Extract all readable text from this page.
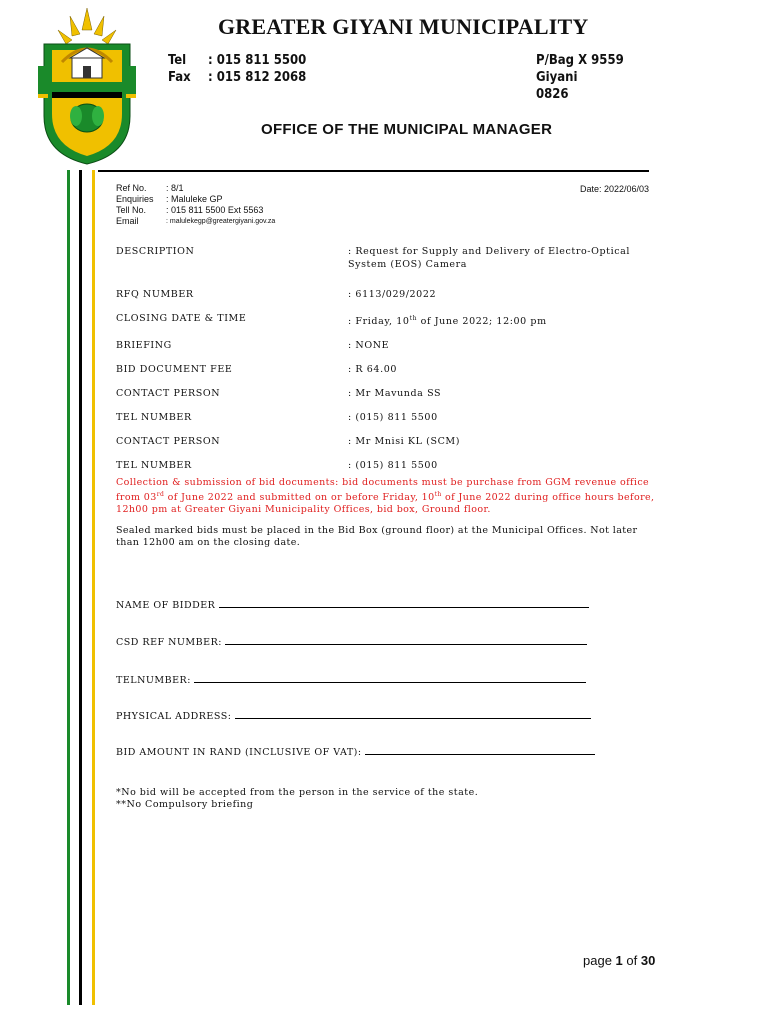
GREATER GIYANI MUNICIPALITY
Tel : 015 811 5500
Fax : 015 812 2068
P/Bag X 9559
Giyani
0826
OFFICE OF THE MUNICIPAL MANAGER
Ref No.	: 8/1
Enquiries	: Maluleke GP
Tell No.	: 015 811 5500 Ext 5563
Email	: malulekegp@greatergiyani.gov.za
Date: 2022/06/03
DESCRIPTION	: Request for Supply and Delivery of Electro-Optical System (EOS) Camera
RFQ NUMBER	: 6113/029/2022
CLOSING DATE & TIME	: Friday, 10th of June 2022; 12:00 pm
BRIEFING	: NONE
BID DOCUMENT FEE	: R 64.00
CONTACT PERSON	: Mr Mavunda SS
TEL NUMBER	: (015) 811 5500
CONTACT PERSON	: Mr Mnisi KL (SCM)
TEL NUMBER	: (015) 811 5500
Collection & submission of bid documents: bid documents must be purchase from GGM revenue office from 03rd of June 2022 and submitted on or before Friday, 10th of June 2022 during office hours before, 12h00 pm at Greater Giyani Municipality Offices, bid box, Ground floor.
Sealed marked bids must be placed in the Bid Box (ground floor) at the Municipal Offices. Not later than 12h00 am on the closing date.
NAME OF BIDDER
CSD REF NUMBER:
TELNUMBER:
PHYSICAL ADDRESS:
BID AMOUNT IN RAND (INCLUSIVE OF VAT):
*No bid will be accepted from the person in the service of the state.
**No Compulsory briefing
page 1 of 30
